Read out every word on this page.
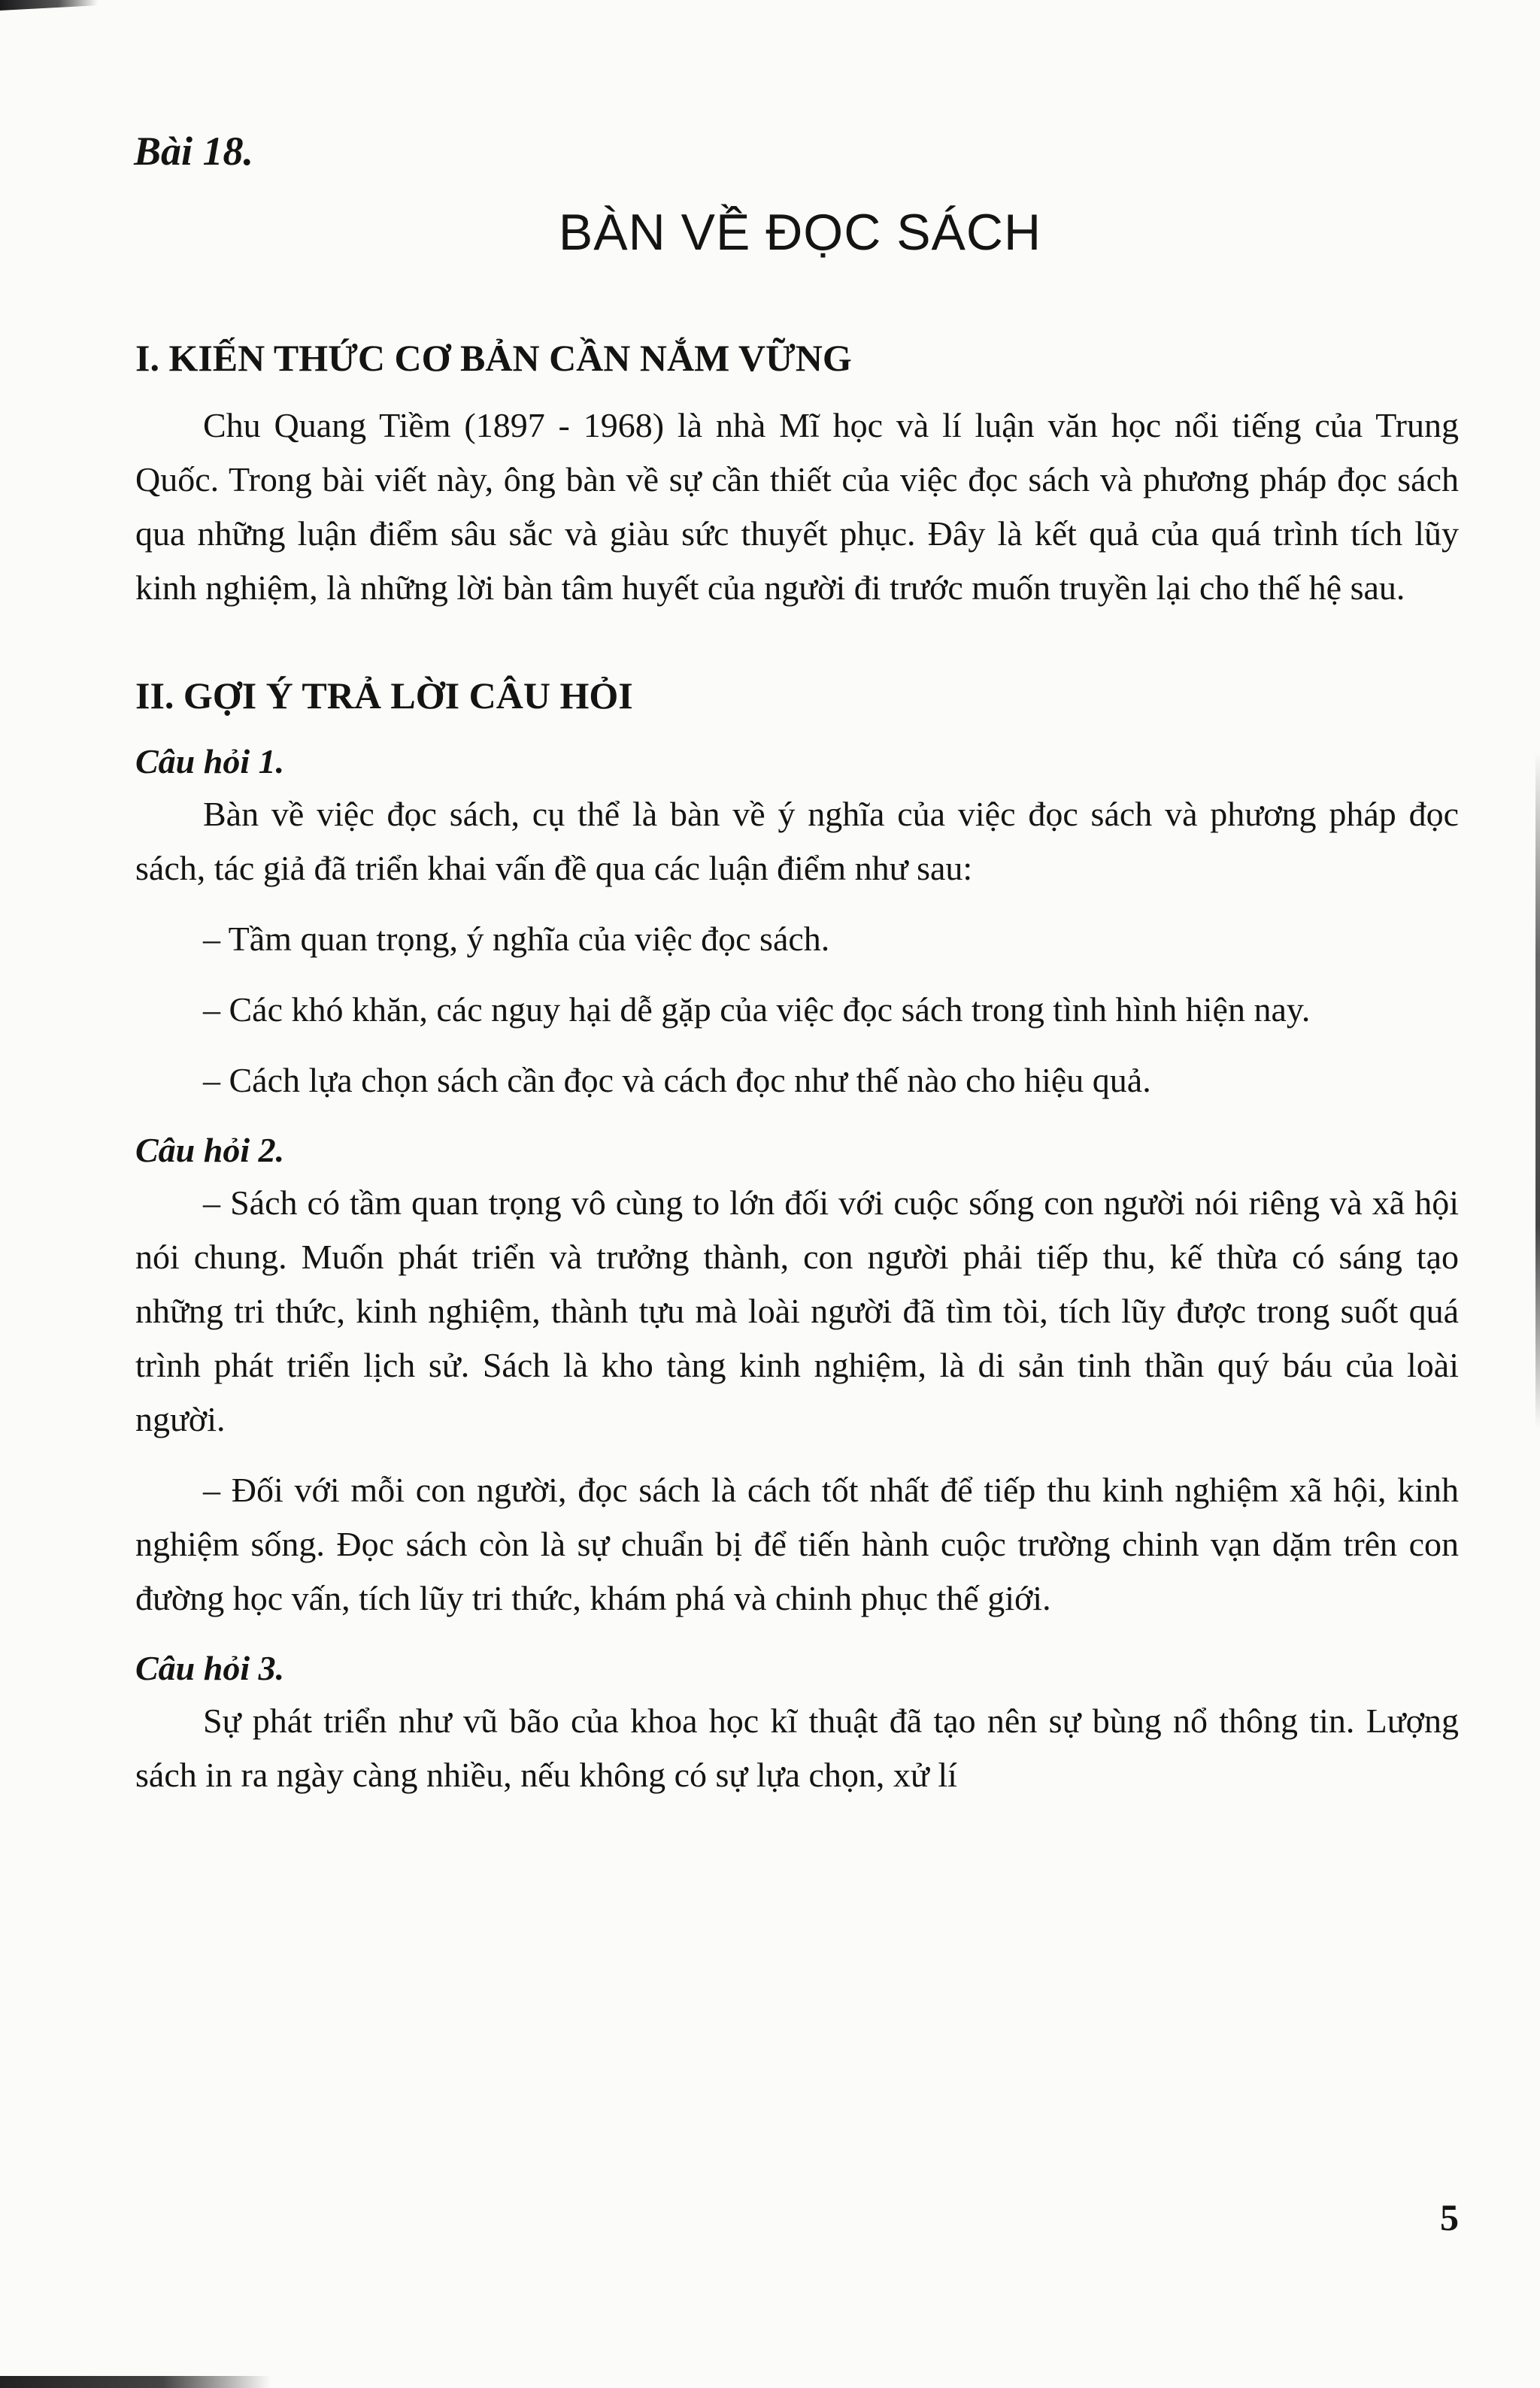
Bài 18.

BÀN VỀ ĐỌC SÁCH
I. KIẾN THỨC CƠ BẢN CẦN NẮM VỮNG

Chu Quang Tiềm (1897 - 1968) là nhà Mĩ học và lí luận văn học nổi tiếng của Trung Quốc. Trong bài viết này, ông bàn về sự cần thiết của việc đọc sách và phương pháp đọc sách qua những luận điểm sâu sắc và giàu sức thuyết phục. Đây là kết quả của quá trình tích lũy kinh nghiệm, là những lời bàn tâm huyết của người đi trước muốn truyền lại cho thế hệ sau.

II. GỢI Ý TRẢ LỜI CÂU HỎI

Câu hỏi 1.

Bàn về việc đọc sách, cụ thể là bàn về ý nghĩa của việc đọc sách và phương pháp đọc sách, tác giả đã triển khai vấn đề qua các luận điểm như sau:

– Tầm quan trọng, ý nghĩa của việc đọc sách.

– Các khó khăn, các nguy hại dễ gặp của việc đọc sách trong tình hình hiện nay.

– Cách lựa chọn sách cần đọc và cách đọc như thế nào cho hiệu quả.

Câu hỏi 2.

– Sách có tầm quan trọng vô cùng to lớn đối với cuộc sống con người nói riêng và xã hội nói chung. Muốn phát triển và trưởng thành, con người phải tiếp thu, kế thừa có sáng tạo những tri thức, kinh nghiệm, thành tựu mà loài người đã tìm tòi, tích lũy được trong suốt quá trình phát triển lịch sử. Sách là kho tàng kinh nghiệm, là di sản tinh thần quý báu của loài người.

– Đối với mỗi con người, đọc sách là cách tốt nhất để tiếp thu kinh nghiệm xã hội, kinh nghiệm sống. Đọc sách còn là sự chuẩn bị để tiến hành cuộc trường chinh vạn dặm trên con đường học vấn, tích lũy tri thức, khám phá và chinh phục thế giới.

Câu hỏi 3.

Sự phát triển như vũ bão của khoa học kĩ thuật đã tạo nên sự bùng nổ thông tin. Lượng sách in ra ngày càng nhiều, nếu không có sự lựa chọn, xử lí

5
